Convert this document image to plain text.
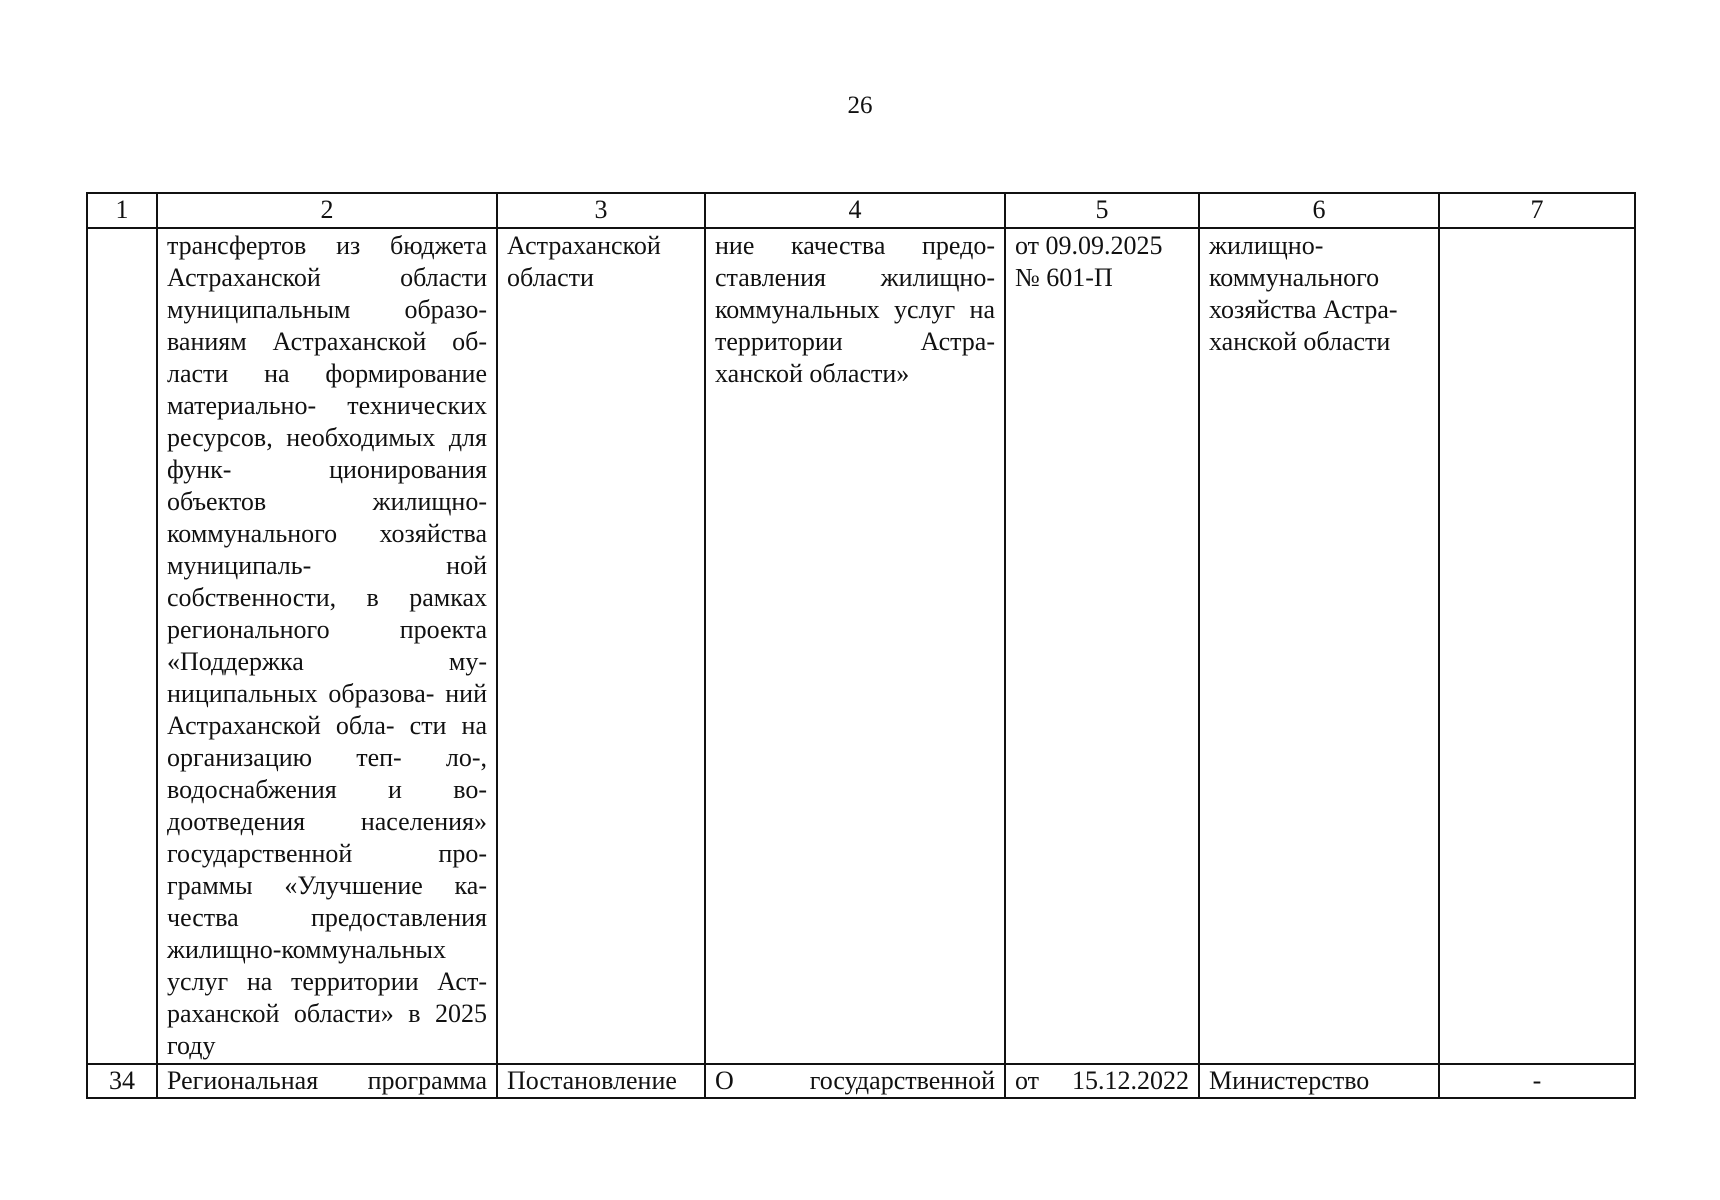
26
1	2	3	4	5	6	7
	трансфертов из бюджета Астраханской области муниципальным образо- ваниям Астраханской об- ласти на формирование материально- технических ресурсов, необходимых для функ- ционирования объектов жилищно-коммунального хозяйства муниципаль- ной собственности, в рамках регионального проекта «Поддержка му- ниципальных образова- ний Астраханской обла- сти на организацию теп- ло-, водоснабжения и во- доотведения населения» государственной про- граммы «Улучшение ка- чества предоставления жилищно-коммунальных услуг на территории Аст- раханской области» в 2025 году	Астраханской области	ние качества предо- ставления жилищно- коммунальных услуг на территории Астра- ханской области»	от 09.09.2025 № 601-П	жилищно- коммунального хозяйства Астра- ханской области	
34	Региональная программа	Постановление	О государственной	от 15.12.2022	Министерство	-
